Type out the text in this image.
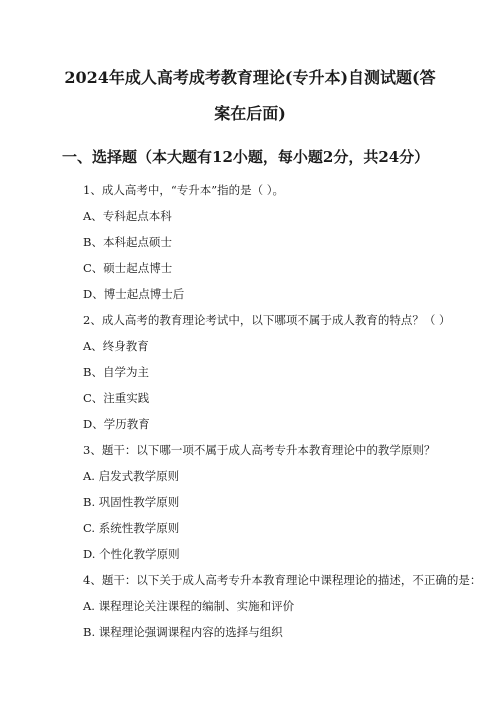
2024年成人高考成考教育理论(专升本)自测试题(答
案在后面)
一、选择题（本大题有12小题，每小题2分，共24分）
1、成人高考中，“专升本”指的是（ ）。
A、专科起点本科
B、本科起点硕士
C、硕士起点博士
D、博士起点博士后
2、成人高考的教育理论考试中，以下哪项不属于成人教育的特点？（ ）
A、终身教育
B、自学为主
C、注重实践
D、学历教育
3、题干：以下哪一项不属于成人高考专升本教育理论中的教学原则？
A. 启发式教学原则
B. 巩固性教学原则
C. 系统性教学原则
D. 个性化教学原则
4、题干：以下关于成人高考专升本教育理论中课程理论的描述，不正确的是：
A. 课程理论关注课程的编制、实施和评价
B. 课程理论强调课程内容的选择与组织
